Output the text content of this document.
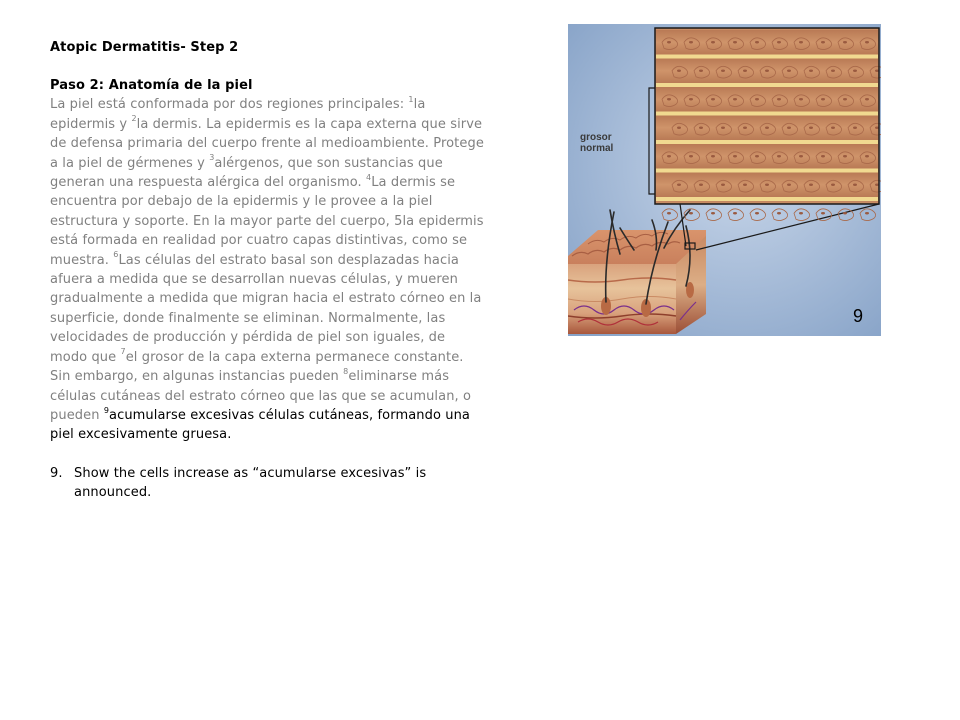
Atopic Dermatitis- Step 2

Paso 2: Anatomía de la piel

La piel está conformada por dos regiones principales: $^1$la epidermis y $^2$la dermis. La epidermis es la capa externa que sirve de defensa primaria del cuerpo frente al medioambiente. Protege a la piel de gérmenes y $^3$alérgenos, que son sustancias que generan una respuesta alérgica del organismo. $^4$La dermis se encuentra por debajo de la epidermis y le provee a la piel estructura y soporte. En la mayor parte del cuerpo, 5la epidermis está formada en realidad por cuatro capas distintivas, como se muestra. $^6$Las células del estrato basal son desplazadas hacia afuera a medida que se desarrollan nuevas células, y mueren gradualmente a medida que migran hacia el estrato córneo en la superficie, donde finalmente se eliminan. Normalmente, las velocidades de producción y pérdida de piel son iguales, de modo que $^7$el grosor de la capa externa permanece constante. Sin embargo, en algunas instancias pueden $^8$eliminarse más células cutáneas del estrato córneo que las que se acumulan, o pueden $^9$acumularse excesivas células cutáneas, formando una piel excesivamente gruesa.

9. Show the cells increase as “acumularse excesivas” is announced.

grosor
normal
9
